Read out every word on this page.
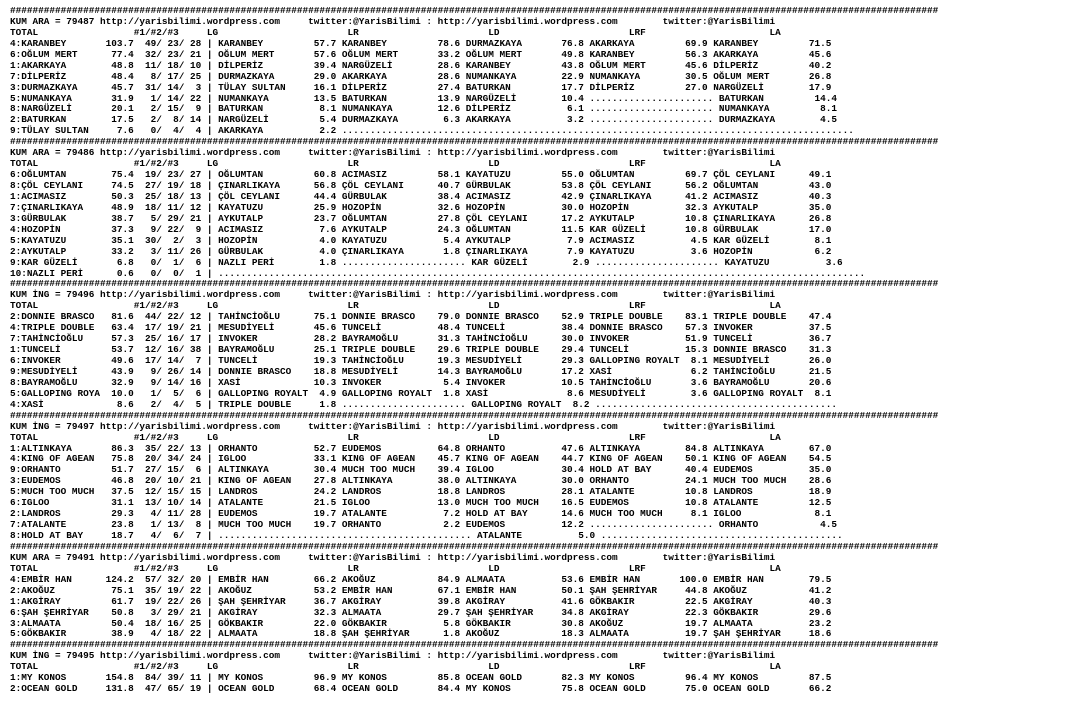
#####################################################################################################################################################################
KUM ARA = 79487 http://yarisbilimi.wordpress.com     twitter:@YarisBilimi : http://yarisbilimi.wordpress.com        twitter:@YarisBilimi
TOTAL                 #1/#2/#3     LG                       LR                       LD                       LRF                      LA
4:KARANBEY       103.7  49/ 23/ 28 | KARANBEY         57.7 KARANBEY         78.6 DURMAZKAYA       76.8 AKARKAYA         69.9 KARANBEY         71.5
6:OĞLUM MERT      77.4  32/ 23/ 21 | OĞLUM MERT       57.6 OĞLUM MERT       33.2 OĞLUM MERT       49.8 KARANBEY         56.3 AKARKAYA         45.6
1:AKARKAYA        48.8  11/ 18/ 10 | DİLPERİZ         39.4 NARGÜZELİ        28.6 KARANBEY         43.8 OĞLUM MERT       45.6 DİLPERİZ         40.2
7:DİLPERİZ        48.4   8/ 17/ 25 | DURMAZKAYA       29.0 AKARKAYA         28.6 NUMANKAYA        22.9 NUMANKAYA        30.5 OĞLUM MERT       26.8
3:DURMAZKAYA      45.7  31/ 14/  3 | TÜLAY SULTAN     16.1 DİLPERİZ         27.4 BATURKAN         17.7 DİLPERİZ         27.0 NARGÜZELİ        17.9
5:NUMANKAYA       31.9   1/ 14/ 22 | NUMANKAYA        13.5 BATURKAN         13.9 NARGÜZELİ        10.4 ...................... BATURKAN         14.4
8:NARGÜZELİ       20.1   2/ 15/  9 | BATURKAN          8.1 NUMANKAYA        12.6 DİLPERİZ          6.1 ...................... NUMANKAYA         8.1
2:BATURKAN        17.5   2/  8/ 14 | NARGÜZELİ         5.4 DURMAZKAYA        6.3 AKARKAYA          3.2 ...................... DURMAZKAYA        4.5
9:TÜLAY SULTAN     7.6   0/  4/  4 | AKARKAYA          2.2 ...........................................................................................
#####################################################################################################################################################################
KUM ARA = 79486 http://yarisbilimi.wordpress.com     twitter:@YarisBilimi : http://yarisbilimi.wordpress.com        twitter:@YarisBilimi
TOTAL                 #1/#2/#3     LG                       LR                       LD                       LRF                      LA
6:OĞLUMTAN        75.4  19/ 23/ 27 | OĞLUMTAN         60.8 ACIMASIZ         58.1 KAYATUZU         55.0 OĞLUMTAN         69.7 ÇÖL CEYLANI      49.1
8:ÇÖL CEYLANI     74.5  27/ 19/ 18 | ÇINARLIKAYA      56.8 ÇÖL CEYLANI      40.7 GÜRBULAK         53.8 ÇÖL CEYLANI      56.2 OĞLUMTAN         43.0
1:ACIMASIZ        50.3  25/ 18/ 13 | ÇÖL CEYLANI      44.4 GÜRBULAK         38.4 ACIMASIZ         42.9 ÇINARLIKAYA      41.2 ACIMASIZ         40.3
7:ÇINARLIKAYA     48.9  18/ 11/ 12 | KAYATUZU         25.9 HOZOPİN          32.6 HOZOPİN          30.0 HOZOPİN          32.3 AYKUTALP         35.0
3:GÜRBULAK        38.7   5/ 29/ 21 | AYKUTALP         23.7 OĞLUMTAN         27.8 ÇÖL CEYLANI      17.2 AYKUTALP         10.8 ÇINARLIKAYA      26.8
4:HOZOPİN         37.3   9/ 22/  9 | ACIMASIZ          7.6 AYKUTALP         24.3 OĞLUMTAN         11.5 KAR GÜZELİ       10.8 GÜRBULAK         17.0
5:KAYATUZU        35.1  30/  2/  3 | HOZOPİN           4.0 KAYATUZU          5.4 AYKUTALP          7.9 ACIMASIZ          4.5 KAR GÜZELİ        8.1
2:AYKUTALP        33.2   3/ 11/ 26 | GÜRBULAK          4.0 ÇINARLIKAYA       1.8 ÇINARLIKAYA       7.9 KAYATUZU          3.6 HOZOPİN           6.2
9:KAR GÜZELİ       6.8   0/  1/  6 | NAZLI PERİ        1.8 ...................... KAR GÜZELİ        2.9 ...................... KAYATUZU          3.6
10:NAZLI PERİ      0.6   0/  0/  1 | ...................................................................................................................
#####################################################################################################################################################################
KUM İNG = 79496 http://yarisbilimi.wordpress.com     twitter:@YarisBilimi : http://yarisbilimi.wordpress.com        twitter:@YarisBilimi
TOTAL                 #1/#2/#3     LG                       LR                       LD                       LRF                      LA
2:DONNIE BRASCO   81.6  44/ 22/ 12 | TAHİNCİOĞLU      75.1 DONNIE BRASCO    79.0 DONNIE BRASCO    52.9 TRIPLE DOUBLE    83.1 TRIPLE DOUBLE    47.4
4:TRIPLE DOUBLE   63.4  17/ 19/ 21 | MESUDİYELİ       45.6 TUNCELİ          48.4 TUNCELİ          38.4 DONNIE BRASCO    57.3 INVOKER          37.5
7:TAHİNCİOĞLU     57.3  25/ 16/ 17 | INVOKER          28.2 BAYRAMOĞLU       31.3 TAHİNCİOĞLU      30.0 INVOKER          51.9 TUNCELİ          36.7
1:TUNCELİ         53.7  12/ 16/ 38 | BAYRAMOĞLU       25.1 TRIPLE DOUBLE    29.6 TRIPLE DOUBLE    29.4 TUNCELİ          15.3 DONNIE BRASCO    31.3
6:INVOKER         49.6  17/ 14/  7 | TUNCELİ          19.3 TAHİNCİOĞLU      19.3 MESUDİYELİ       29.3 GALLOPING ROYALT  8.1 MESUDİYELİ       26.0
9:MESUDİYELİ      43.9   9/ 26/ 14 | DONNIE BRASCO    18.8 MESUDİYELİ       14.3 BAYRAMOĞLU       17.2 XASİ              6.2 TAHİNCİOĞLU      21.5
8:BAYRAMOĞLU      32.9   9/ 14/ 16 | XASİ             10.3 INVOKER           5.4 INVOKER          10.5 TAHİNCİOĞLU       3.6 BAYRAMOĞLU       20.6
5:GALLOPING ROYA  10.0   1/  5/  6 | GALLOPING ROYALT  4.9 GALLOPING ROYALT  1.8 XASİ              8.6 MESUDİYELİ        3.6 GALLOPING ROYALT  8.1
4:XASİ             8.6   2/  4/  5 | TRIPLE DOUBLE     1.8 ...................... GALLOPING ROYALT  8.2 ...........................................
#####################################################################################################################################################################
KUM İNG = 79497 http://yarisbilimi.wordpress.com     twitter:@YarisBilimi : http://yarisbilimi.wordpress.com        twitter:@YarisBilimi
TOTAL                 #1/#2/#3     LG                       LR                       LD                       LRF                      LA
1:ALTINKAYA       86.3  35/ 22/ 13 | ORHANTO          52.7 EUDEMOS          64.8 ORHANTO          47.6 ALTINKAYA        84.8 ALTINKAYA        67.0
4:KING OF AGEAN   75.8  20/ 34/ 24 | IGLOO            33.1 KING OF AGEAN    45.7 KING OF AGEAN    44.7 KING OF AGEAN    50.1 KING OF AGEAN    54.5
9:ORHANTO         51.7  27/ 15/  6 | ALTINKAYA        30.4 MUCH TOO MUCH    39.4 IGLOO            30.4 HOLD AT BAY      40.4 EUDEMOS          35.0
3:EUDEMOS         46.8  20/ 10/ 21 | KING OF AGEAN    27.8 ALTINKAYA        38.0 ALTINKAYA        30.0 ORHANTO          24.1 MUCH TOO MUCH    28.6
5:MUCH TOO MUCH   37.5  12/ 15/ 15 | LANDROS          24.2 LANDROS          18.8 LANDROS          28.1 ATALANTE         10.8 LANDROS          18.9
6:IGLOO           31.1  13/ 10/ 14 | ATALANTE         21.5 IGLOO            13.0 MUCH TOO MUCH    16.5 EUDEMOS          10.8 ATALANTE         12.5
2:LANDROS         29.3   4/ 11/ 28 | EUDEMOS          19.7 ATALANTE          7.2 HOLD AT BAY      14.6 MUCH TOO MUCH     8.1 IGLOO             8.1
7:ATALANTE        23.8   1/ 13/  8 | MUCH TOO MUCH    19.7 ORHANTO           2.2 EUDEMOS          12.2 ...................... ORHANTO           4.5
8:HOLD AT BAY     18.7   4/  6/  7 | ............................................. ATALANTE          5.0 ...........................................
#####################################################################################################################################################################
KUM ARA = 79491 http://yarisbilimi.wordpress.com     twitter:@YarisBilimi : http://yarisbilimi.wordpress.com        twitter:@YarisBilimi
TOTAL                 #1/#2/#3     LG                       LR                       LD                       LRF                      LA
4:EMBİR HAN      124.2  57/ 32/ 20 | EMBİR HAN        66.2 AKOĞUZ           84.9 ALMAATA          53.6 EMBİR HAN       100.0 EMBİR HAN        79.5
2:AKOĞUZ          75.1  35/ 19/ 22 | AKOĞUZ           53.2 EMBİR HAN        67.1 EMBİR HAN        50.1 ŞAH ŞEHRİYAR     44.8 AKOĞUZ           41.2
1:AKGİRAY         61.7  19/ 22/ 26 | ŞAH ŞEHRİYAR     36.7 AKGİRAY          39.8 AKGİRAY          41.6 GÖKBAKIR         22.5 AKGİRAY          40.3
6:ŞAH ŞEHRİYAR    50.8   3/ 29/ 21 | AKGİRAY          32.3 ALMAATA          29.7 ŞAH ŞEHRİYAR     34.8 AKGİRAY          22.3 GÖKBAKIR         29.6
3:ALMAATA         50.4  18/ 16/ 25 | GÖKBAKIR         22.0 GÖKBAKIR          5.8 GÖKBAKIR         30.8 AKOĞUZ           19.7 ALMAATA          23.2
5:GÖKBAKIR        38.9   4/ 18/ 22 | ALMAATA          18.8 ŞAH ŞEHRİYAR      1.8 AKOĞUZ           18.3 ALMAATA          19.7 ŞAH ŞEHRİYAR     18.6
#####################################################################################################################################################################
KUM İNG = 79495 http://yarisbilimi.wordpress.com     twitter:@YarisBilimi : http://yarisbilimi.wordpress.com        twitter:@YarisBilimi
TOTAL                 #1/#2/#3     LG                       LR                       LD                       LRF                      LA
1:MY KONOS       154.8  84/ 39/ 11 | MY KONOS         96.9 MY KONOS         85.8 OCEAN GOLD       82.3 MY KONOS         96.4 MY KONOS         87.5
2:OCEAN GOLD     131.8  47/ 65/ 19 | OCEAN GOLD       68.4 OCEAN GOLD       84.4 MY KONOS         75.8 OCEAN GOLD       75.0 OCEAN GOLD       66.2
